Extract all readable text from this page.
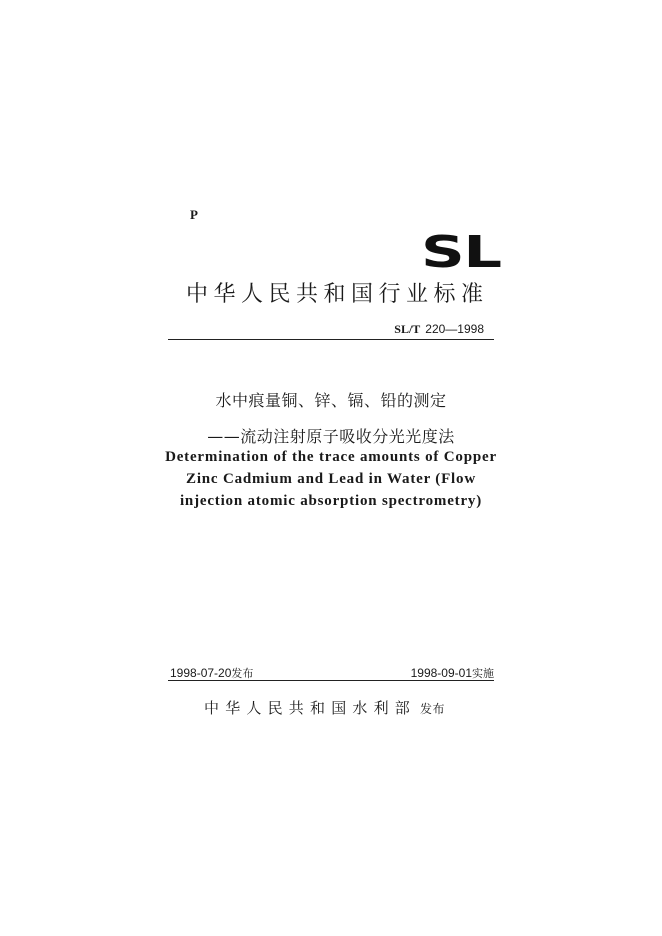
P
SL
中华人民共和国行业标准
SL/T 220—1998
水中痕量铜、锌、镉、铅的测定
——流动注射原子吸收分光光度法
Determination of the trace amounts of Copper Zinc Cadmium and Lead in Water (Flow injection atomic absorption spectrometry)
1998-07-20发布	1998-09-01实施
中华人民共和国水利部 发布
